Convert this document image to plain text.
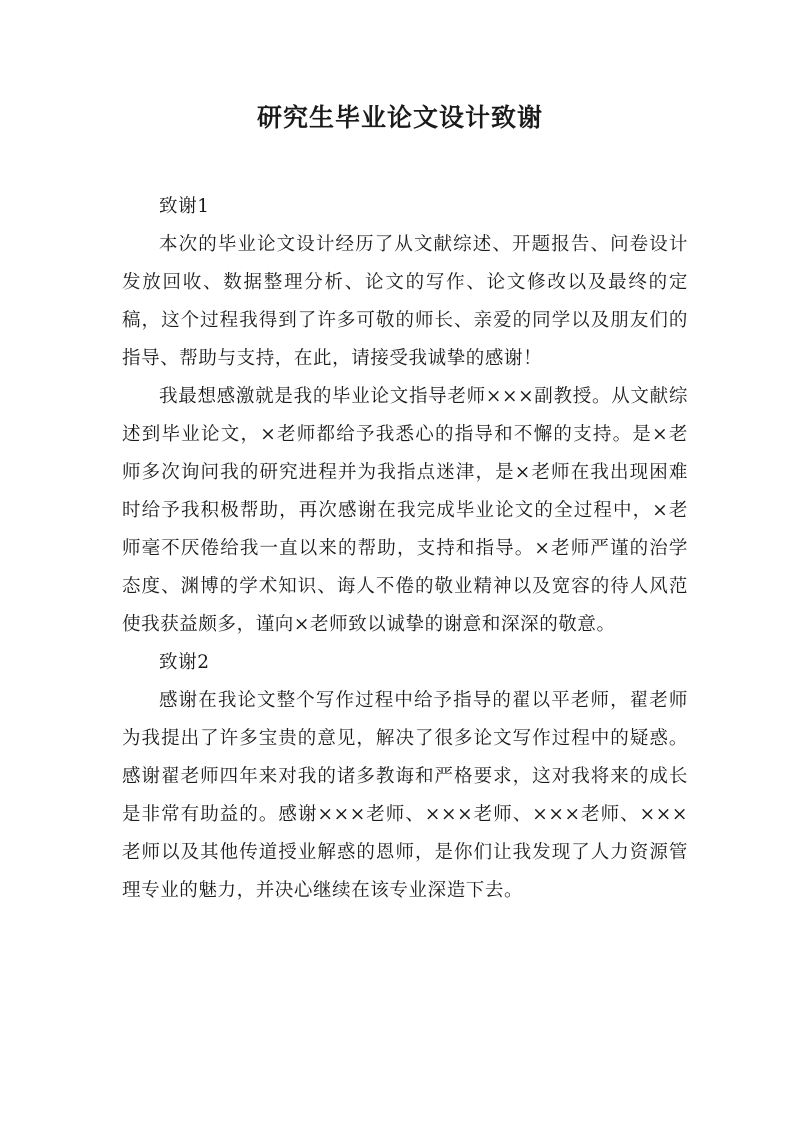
研究生毕业论文设计致谢

致谢1

本次的毕业论文设计经历了从文献综述、开题报告、问卷设计发放回收、数据整理分析、论文的写作、论文修改以及最终的定稿，这个过程我得到了许多可敬的师长、亲爱的同学以及朋友们的指导、帮助与支持，在此，请接受我诚挚的感谢！

我最想感激就是我的毕业论文指导老师×××副教授。从文献综述到毕业论文，×老师都给予我悉心的指导和不懈的支持。是×老师多次询问我的研究进程并为我指点迷津，是×老师在我出现困难时给予我积极帮助，再次感谢在我完成毕业论文的全过程中，×老师毫不厌倦给我一直以来的帮助，支持和指导。×老师严谨的治学态度、渊博的学术知识、诲人不倦的敬业精神以及宽容的待人风范使我获益颇多，谨向×老师致以诚挚的谢意和深深的敬意。

致谢2

感谢在我论文整个写作过程中给予指导的翟以平老师，翟老师为我提出了许多宝贵的意见，解决了很多论文写作过程中的疑惑。感谢翟老师四年来对我的诸多教诲和严格要求，这对我将来的成长是非常有助益的。感谢×××老师、×××老师、×××老师、×××老师以及其他传道授业解惑的恩师，是你们让我发现了人力资源管理专业的魅力，并决心继续在该专业深造下去。
